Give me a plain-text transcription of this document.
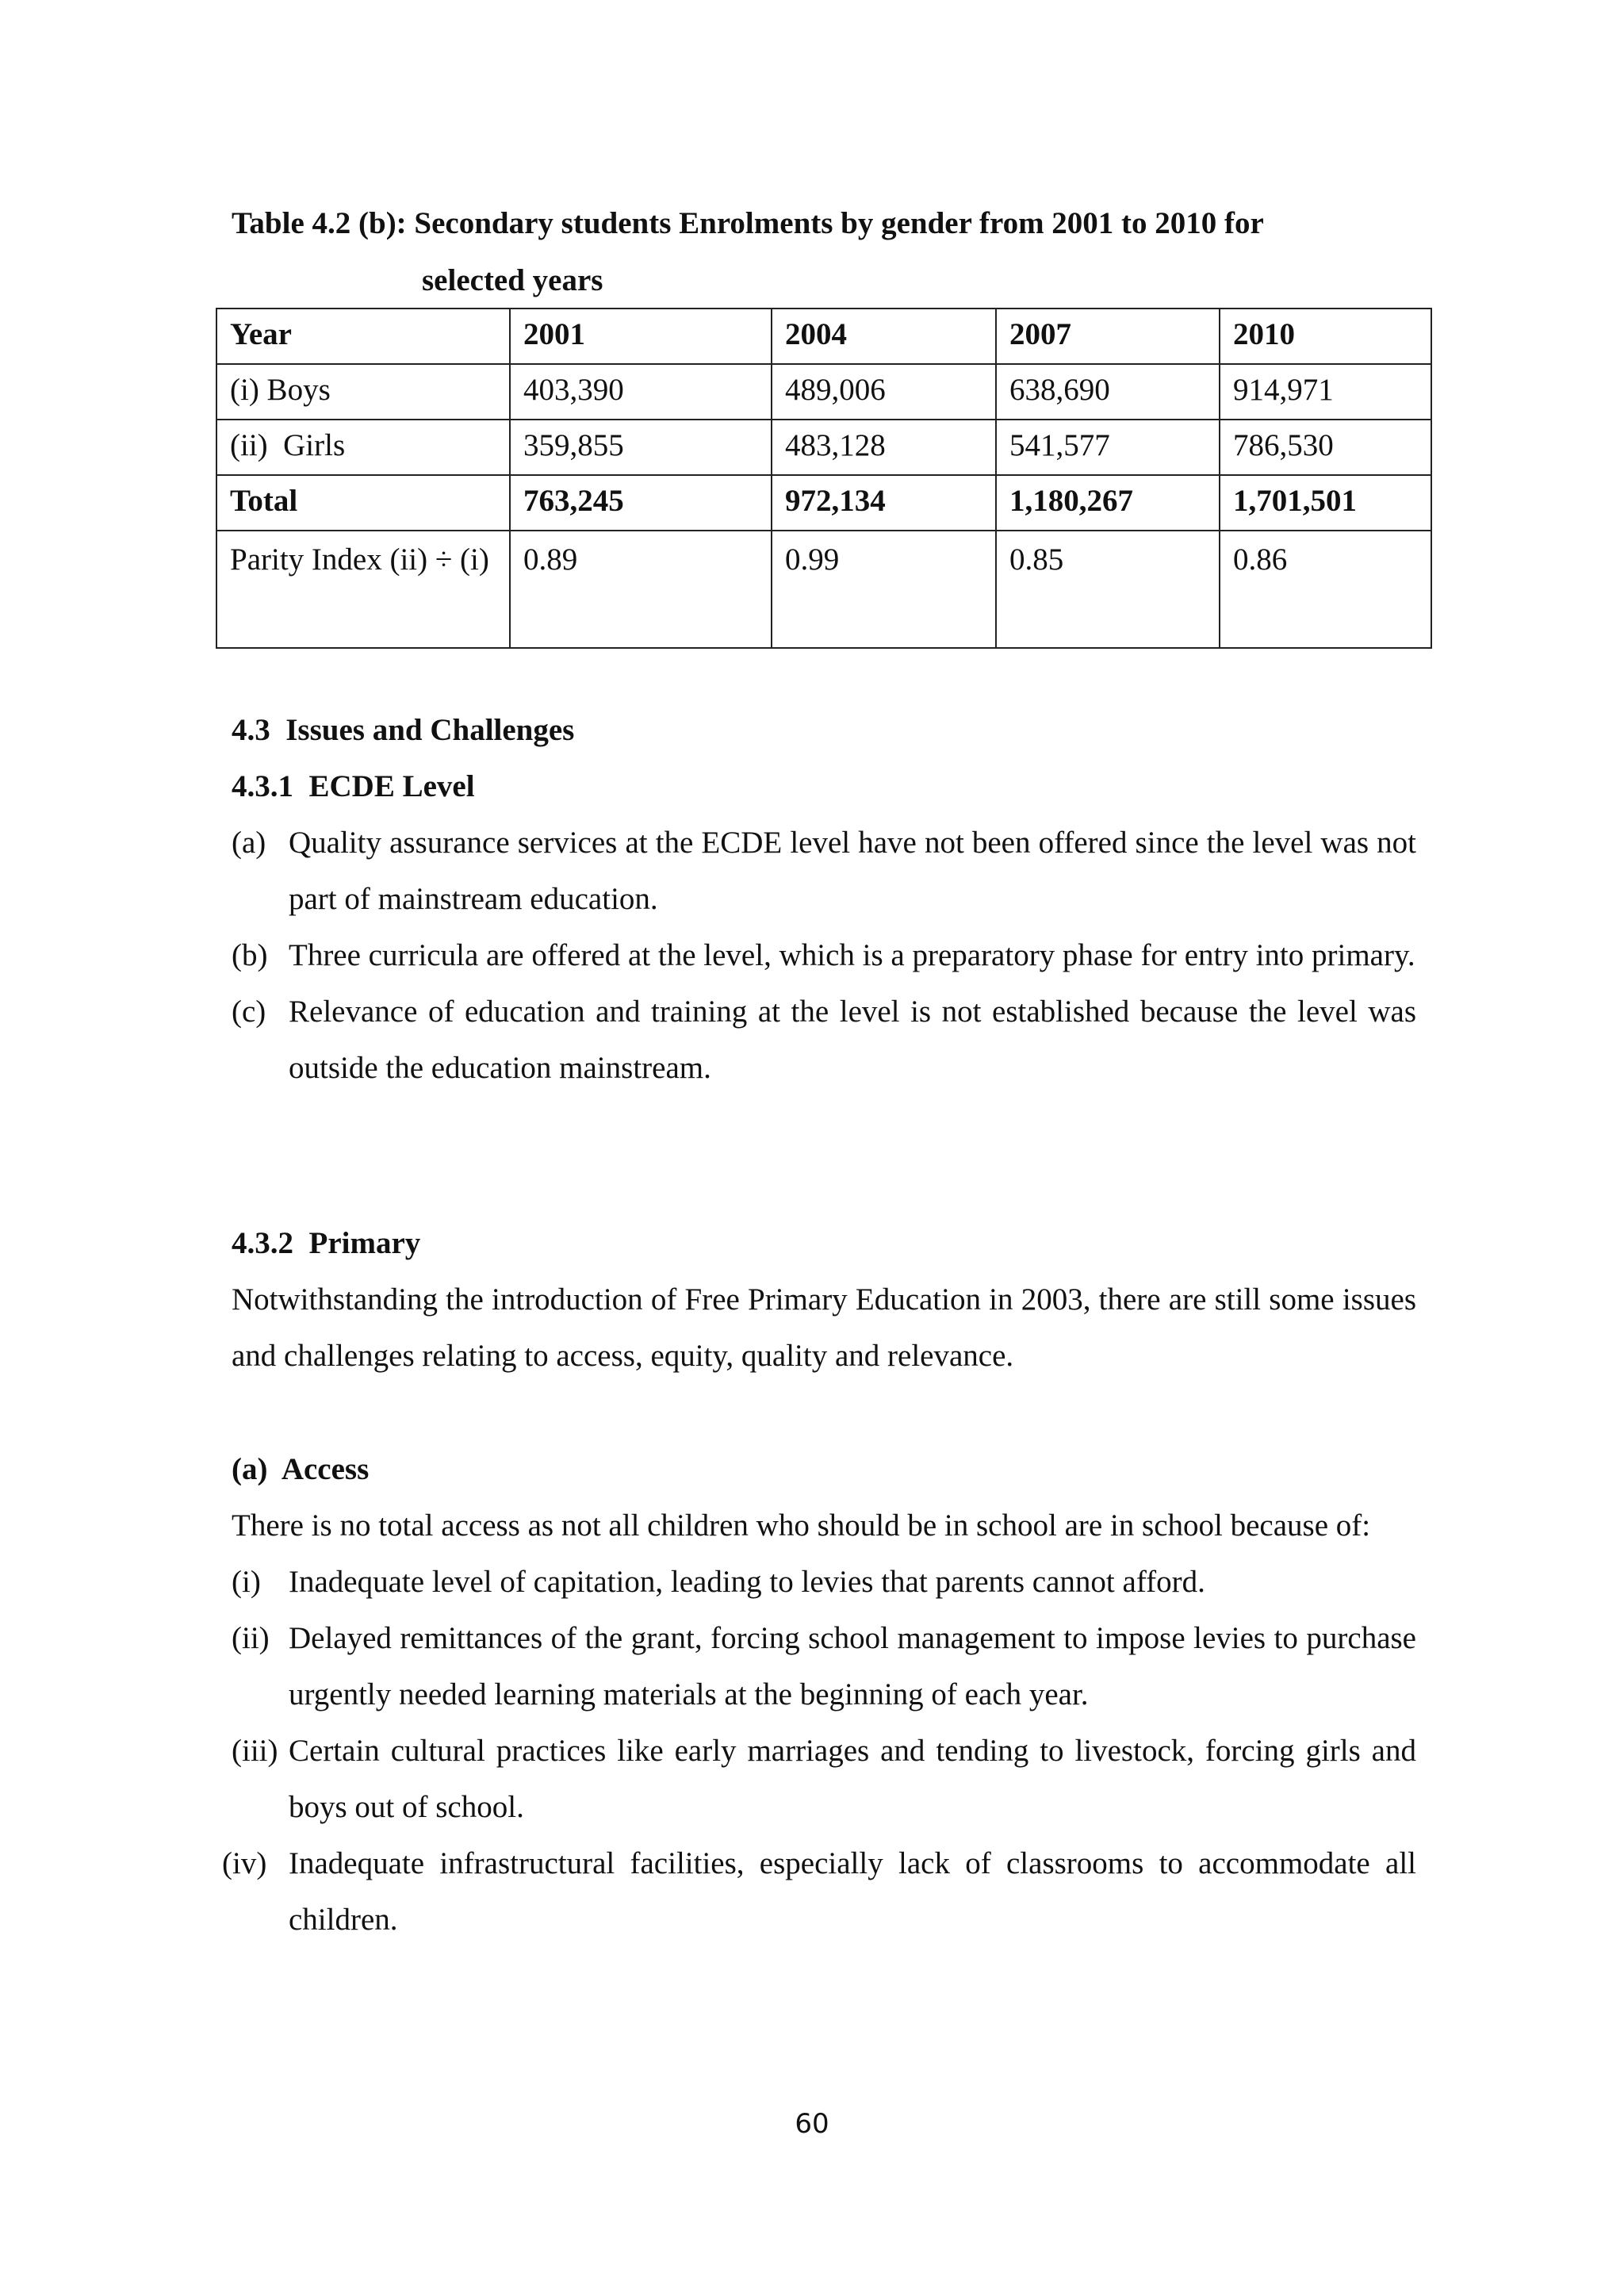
Table 4.2 (b): Secondary students Enrolments by gender from 2001 to 2010 for
selected years
Year	2001	2004	2007	2010
(i) Boys	403,390	489,006	638,690	914,971
(ii)  Girls	359,855	483,128	541,577	786,530
Total	763,245	972,134	1,180,267	1,701,501
Parity Index (ii) ÷ (i)	0.89	0.99	0.85	0.86
4.3  Issues and Challenges
4.3.1  ECDE Level
(a) Quality assurance services at the ECDE level have not been offered since the level was not part of mainstream education.
(b) Three curricula are offered at the level, which is a preparatory phase for entry into primary.
(c) Relevance of education and training at the level is not established because the level was outside the education mainstream.
4.3.2  Primary
Notwithstanding the introduction of Free Primary Education in 2003, there are still some issues and challenges relating to access, equity, quality and relevance.
(a)  Access
There is no total access as not all children who should be in school are in school because of:
(i) Inadequate level of capitation, leading to levies that parents cannot afford.
(ii) Delayed remittances of the grant, forcing school management to impose levies to purchase urgently needed learning materials at the beginning of each year.
(iii) Certain cultural practices like early marriages and tending to livestock, forcing girls and boys out of school.
(iv) Inadequate infrastructural facilities, especially lack of classrooms to accommodate all children.
60
